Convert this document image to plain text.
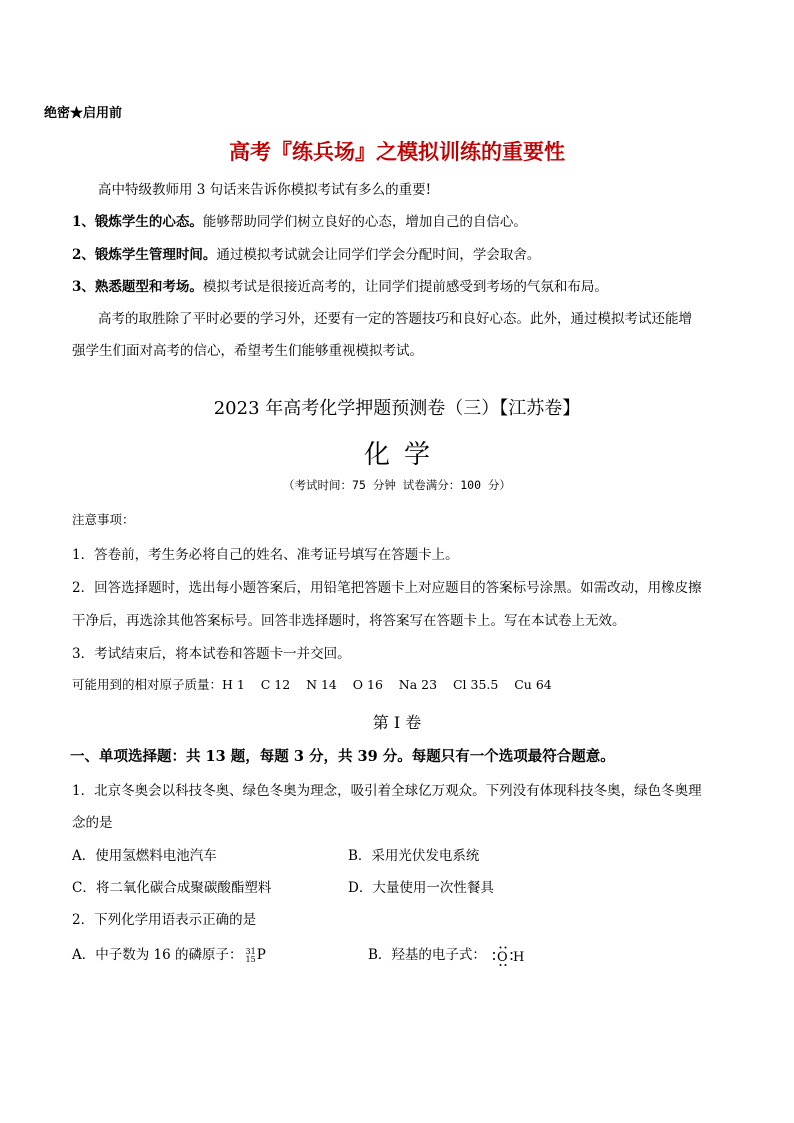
绝密★启用前
高考『练兵场』之模拟训练的重要性
高中特级教师用 3 句话来告诉你模拟考试有多么的重要!
1、锻炼学生的心态。能够帮助同学们树立良好的心态，增加自己的自信心。
2、锻炼学生管理时间。通过模拟考试就会让同学们学会分配时间，学会取舍。
3、熟悉题型和考场。模拟考试是很接近高考的，让同学们提前感受到考场的气氛和布局。
高考的取胜除了平时必要的学习外，还要有一定的答题技巧和良好心态。此外，通过模拟考试还能增
强学生们面对高考的信心，希望考生们能够重视模拟考试。
2023 年高考化学押题预测卷（三）【江苏卷】
化学
（考试时间：75 分钟 试卷满分：100 分）
注意事项：
1．答卷前，考生务必将自己的姓名、准考证号填写在答题卡上。
2．回答选择题时，选出每小题答案后，用铅笔把答题卡上对应题目的答案标号涂黑。如需改动，用橡皮擦
干净后，再选涂其他答案标号。回答非选择题时，将答案写在答题卡上。写在本试卷上无效。
3．考试结束后，将本试卷和答题卡一并交回。
可能用到的相对原子质量：H 1    C 12    N 14    O 16    Na 23    Cl 35.5    Cu 64
第 I 卷
一、单项选择题：共 13 题，每题 3 分，共 39 分。每题只有一个选项最符合题意。
1．北京冬奥会以科技冬奥、绿色冬奥为理念，吸引着全球亿万观众。下列没有体现科技冬奥，绿色冬奥理
念的是
A．使用氢燃料电池汽车	B．采用光伏发电系统
C．将二氧化碳合成聚碳酸酯塑料	D．大量使用一次性餐具
2．下列化学用语表示正确的是
A．中子数为 16 的磷原子： 31
15 P	B．羟基的电子式： O H
